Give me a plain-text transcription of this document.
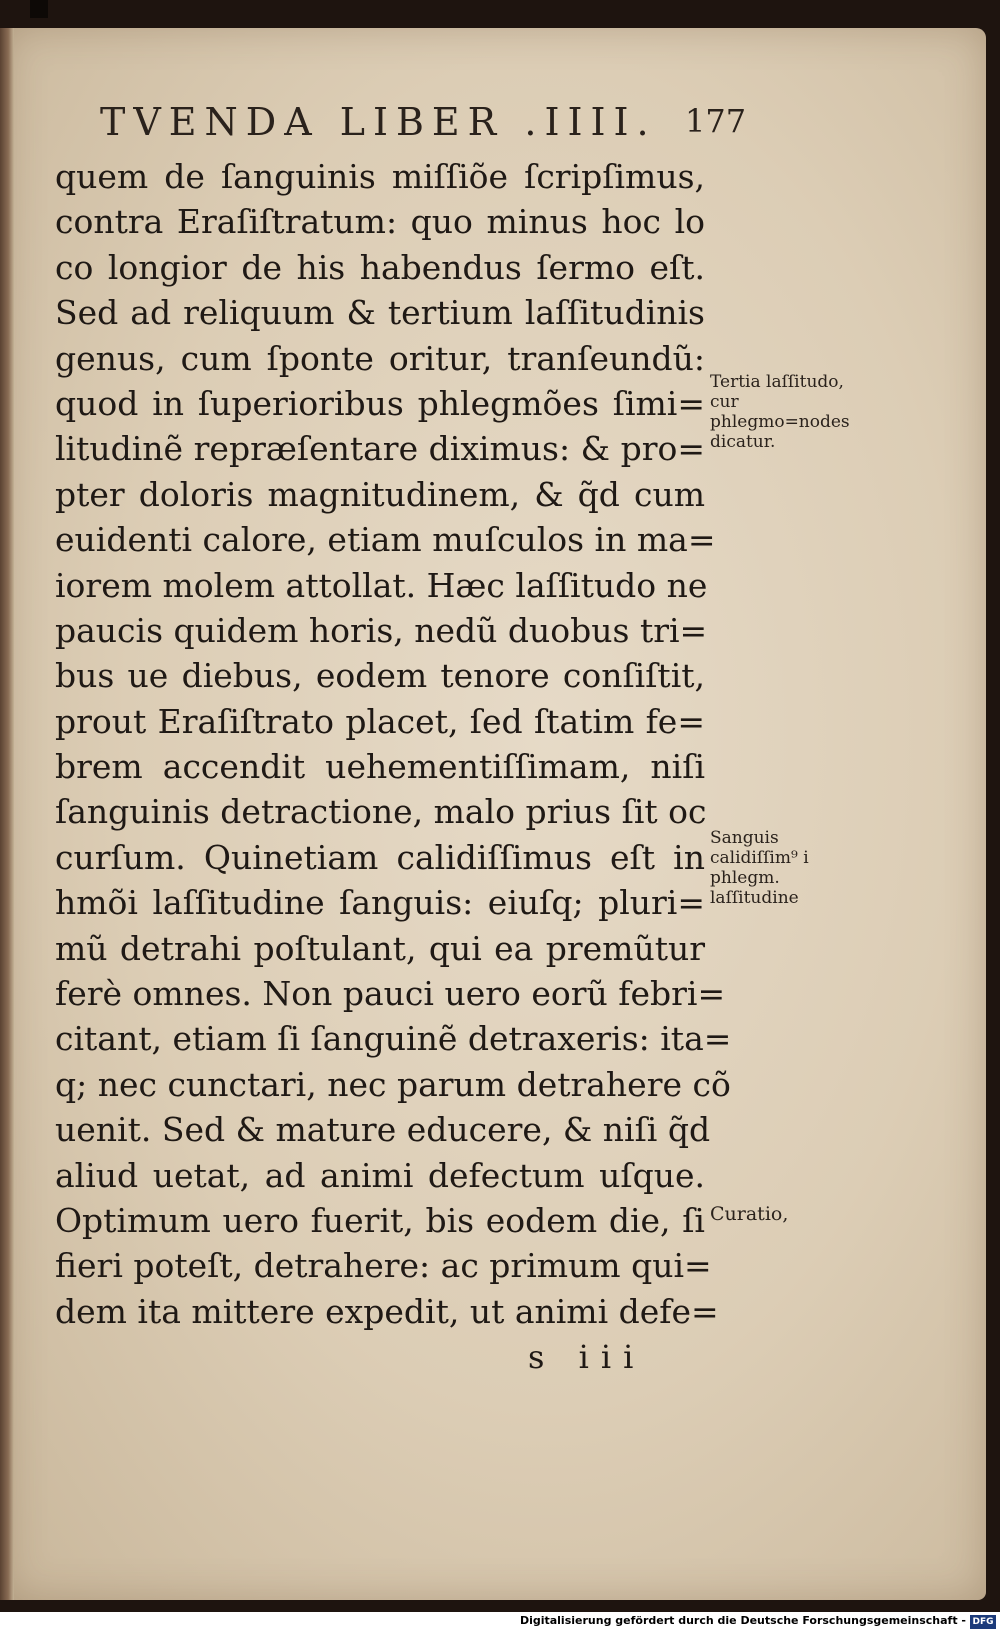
TVENDA LIBER .IIII. 177
quem de ſanguinis miſſiõe ſcripſimus,
contra Eraſiſtratum: quo minus hoc lo
co longior de his habendus ſermo eſt.
Sed ad reliquum & tertium laſſitudinis
genus, cum ſponte oritur, tranſeundũ:
quod in ſuperioribus phlegmões ſimi=
litudinẽ repræſentare diximus: & pro=
pter doloris magnitudinem, & q̃d cum
euidenti calore, etiam muſculos in ma=
iorem molem attollat. Hæc laſſitudo ne
paucis quidem horis, nedũ duobus tri=
bus ue diebus, eodem tenore conſiſtit,
prout Eraſiſtrato placet, ſed ſtatim fe=
brem accendit uehementiſſimam, niſi
ſanguinis detractione, malo prius ſit oc
curſum. Quinetiam calidiſſimus eſt in
hmõi laſſitudine ſanguis: eiuſq; pluri=
mũ detrahi poſtulant, qui ea premũtur
ferè omnes. Non pauci uero eorũ febri=
citant, etiam ſi ſanguinẽ detraxeris: ita=
q; nec cunctari, nec parum detrahere cõ
uenit. Sed & mature educere, & niſi q̃d
aliud uetat, ad animi defectum uſque.
Optimum uero fuerit, bis eodem die, ſi
fieri poteſt, detrahere: ac primum qui=
dem ita mittere expedit, ut animi defe=
Tertia laſſitudo, cur phlegmo=nodes dicatur.
Sanguis calidiſſim⁹ i phlegm. laſſitudine
Curatio,
s iii
Digitalisierung gefördert durch die Deutsche Forschungsgemeinschaft - DFG
